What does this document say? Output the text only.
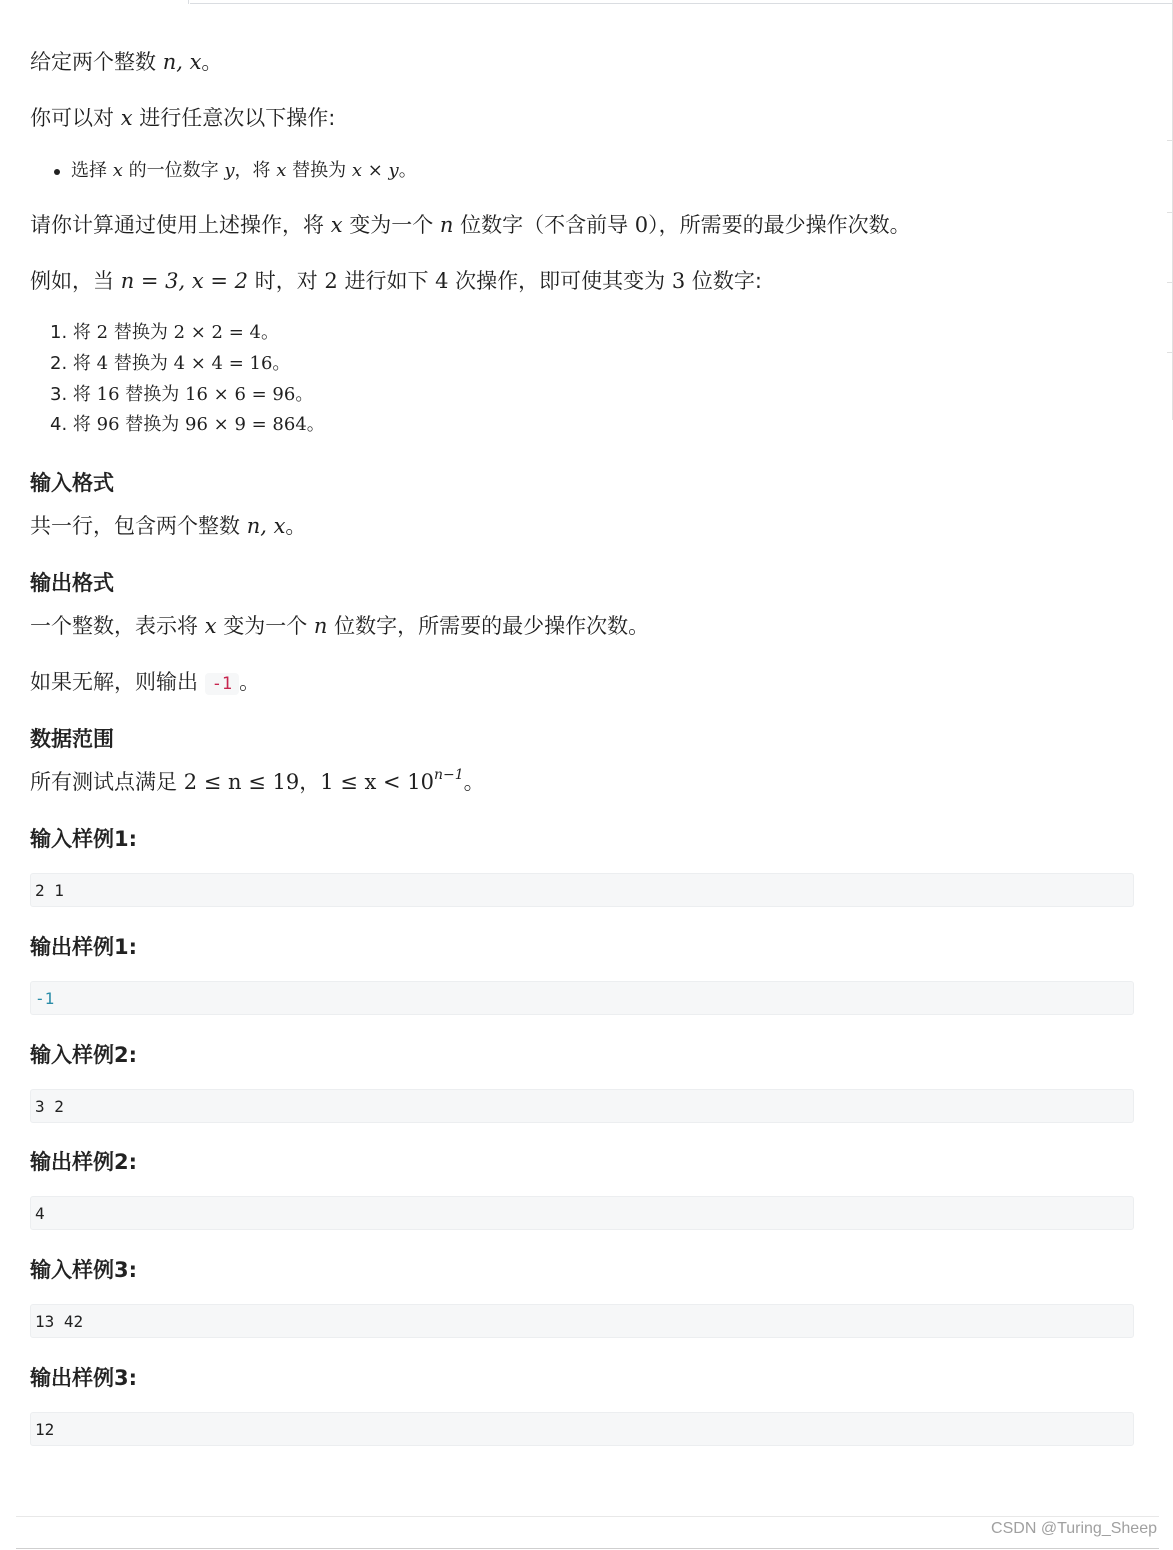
给定两个整数 n, x。

你可以对 x 进行任意次以下操作:

选择 x 的一位数字 y，将 x 替换为 x × y。

请你计算通过使用上述操作，将 x 变为一个 n 位数字（不含前导 0），所需要的最少操作次数。

例如，当 n = 3, x = 2 时，对 2 进行如下 4 次操作，即可使其变为 3 位数字:

1. 将 2 替换为 2 × 2 = 4。

2. 将 4 替换为 4 × 4 = 16。

3. 将 16 替换为 16 × 6 = 96。

4. 将 96 替换为 96 × 9 = 864。

输入格式

共一行，包含两个整数 n, x。

输出格式

一个整数，表示将 x 变为一个 n 位数字，所需要的最少操作次数。

如果无解，则输出 -1 。

数据范围

所有测试点满足 2 ≤ n ≤ 19，$1 \le x < 10^{n-1}$。

输入样例1:
2 1
输出样例1:
-1
输入样例2:
3 2
输出样例2:
4
输入样例3:
13 42
输出样例3:
12
CSDN @Turing_Sheep
